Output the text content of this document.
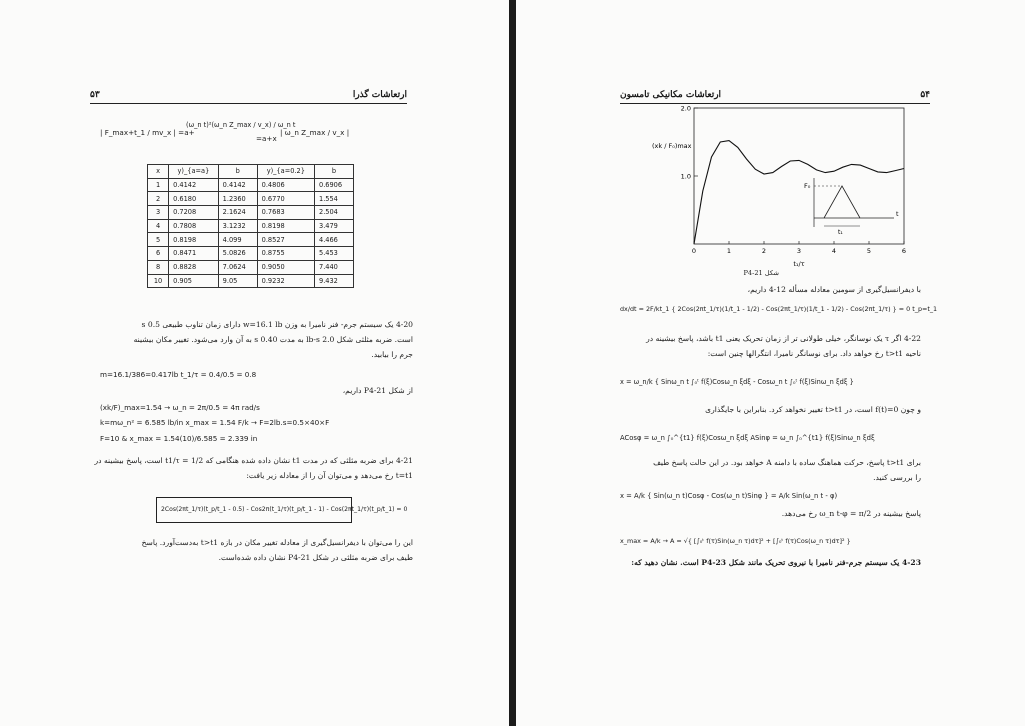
۵۳	ارتعاشات گذرا
| F_max+t_1 / mv_x | =a+
(ω_n t)²(ω_n Z_max / v_x) / ω_n t
=a+x
| ω_n Z_max / v_x |
x	y)_{a=a}	b	y)_{a=0.2}	b
1	0.4142	0.4142	0.4806	0.6906
2	0.6180	1.2360	0.6770	1.554
3	0.7208	2.1624	0.7683	2.504
4	0.7808	3.1232	0.8198	3.479
5	0.8198	4.099	0.8527	4.466
6	0.8471	5.0826	0.8755	5.453
8	0.8828	7.0624	0.9050	7.440
10	0.905	9.05	0.9232	9.432
4-20 یک سیستم جرم- فنر نامیرا به وزن w=16.1 lb دارای زمان تناوب طبیعی 0.5 s
است. ضربه مثلثی شکل 2.0 lb-s به مدت 0.40 s به آن وارد می‌شود. تغییر مکان بیشینه
جرم را بیابید.
m=16.1/386=0.417lb t_1/τ = 0.4/0.5 = 0.8
از شکل P4-21 داریم،
(xk/F)_max=1.54 → ω_n = 2π/0.5 = 4π rad/s
k=mω_n² = 6.585 lb/in x_max = 1.54 F/k → F=2lb.s=0.5×40×F
F=10 & x_max = 1.54(10)/6.585 = 2.339 in
4-21 برای ضربه مثلثی که در مدت t1 نشان داده شده هنگامی که 1/2 = t1/τ است، پاسخ بیشینه در
t=t1 رخ می‌دهد و می‌توان آن را از معادله زیر یافت:
2Cos(2πt_1/τ)(t_p/t_1 - 0.5) - Cos2π(t_1/τ)(t_p/t_1 - 1) - Cos(2πt_1/τ)(t_p/t_1) = 0
این را می‌توان با دیفرانسیل‌گیری از معادله تغییر مکان در بازه t>t1 به‌دست‌آورد. پاسخ
طیف برای ضربه مثلثی در شکل P4-21 نشان داده شده‌است.
ارتعاشات مکانیکی تامسون	۵۴
0	1	2	3	4	5	6
1.0
2.0
(xk / F₀)max
t₁/τ
F₀
t
t₁
شکل P4-21
با دیفرانسیل‌گیری از سومین معادله مسأله 12-4 داریم،
dx/dt = 2F/kt_1 { 2Cos(2πt_1/τ)(1/t_1 - 1/2) - Cos(2πt_1/τ)(1/t_1 - 1/2) - Cos(2πt_1/τ) } = 0 t_p=t_1
4-22 اگر τ یک نوسانگر، خیلی طولانی تر از زمان تحریک یعنی t1 باشد، پاسخ بیشینه در
ناحیه t>t1 رخ خواهد داد. برای نوسانگر نامیرا، انتگرالها چنین است:
x = ω_n/k { Sinω_n t ∫₀ᵗ f(ξ)Cosω_n ξdξ - Cosω_n t ∫₀ᵗ f(ξ)Sinω_n ξdξ }
و چون f(t)=0 است، در t>t1 تغییر نخواهد کرد. بنابراین با جایگذاری
ACosφ = ω_n ∫₀^{t1} f(ξ)Cosω_n ξdξ ASinφ = ω_n ∫₀^{t1} f(ξ)Sinω_n ξdξ
برای t>t1 پاسخ، حرکت هماهنگ ساده با دامنه A خواهد بود. در این حالت پاسخ طیف
را بررسی کنید.
x = A/k { Sin(ω_n t)Cosφ - Cos(ω_n t)Sinφ } = A/k Sin(ω_n t - φ)
پاسخ بیشینه در ω_n t-φ = π/2 رخ می‌دهد.
x_max = A/k → A = √{ [∫₀ᵗ f(τ)Sin(ω_n τ)dτ]² + [∫₀ᵗ f(τ)Cos(ω_n τ)dτ]² }
4-23 یک سیستم جرم-فنر نامیرا با نیروی تحریک مانند شکل P4-23 است. نشان دهید که:
